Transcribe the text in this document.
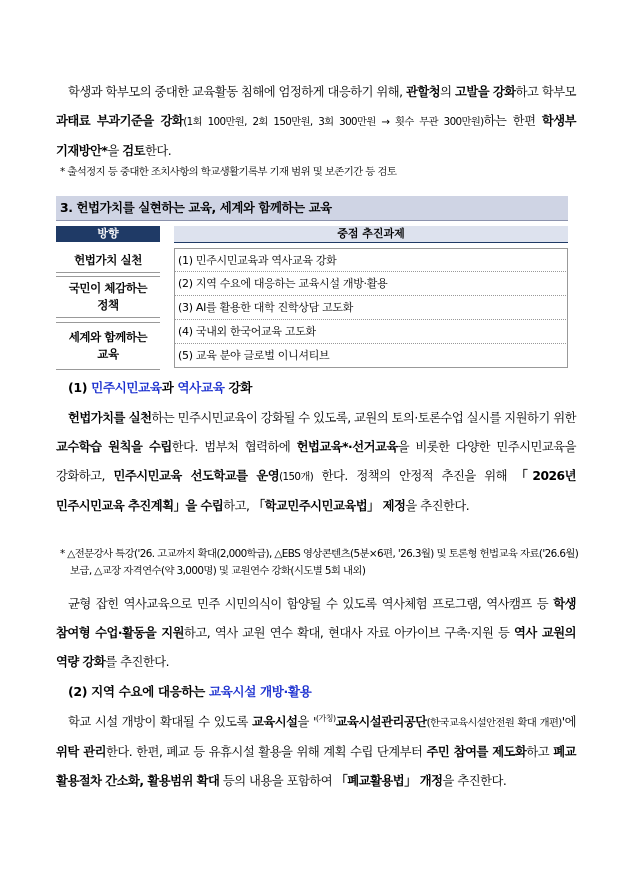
학생과 학부모의 중대한 교육활동 침해에 엄정하게 대응하기 위해, 관할청의 고발을 강화하고 학부모 과태료 부과기준을 강화(1회 100만원, 2회 150만원, 3회 300만원 → 횟수 무관 300만원)하는 한편 학생부 기재방안*을 검토한다.
* 출석정지 등 중대한 조치사항의 학교생활기록부 기재 범위 및 보존기간 등 검토
3. 헌법가치를 실현하는 교육, 세계와 함께하는 교육
방향	중점 추진과제
헌법가치 실천
국민이 체감하는
정책
세계와 함께하는
교육
(1) 민주시민교육과 역사교육 강화
(2) 지역 수요에 대응하는 교육시설 개방·활용
(3) AI를 활용한 대학 진학상담 고도화
(4) 국내외 한국어교육 고도화
(5) 교육 분야 글로벌 이니셔티브
(1) 민주시민교육과 역사교육 강화
헌법가치를 실천하는 민주시민교육이 강화될 수 있도록, 교원의 토의·토론수업 실시를 지원하기 위한 교수학습 원칙을 수립한다. 범부처 협력하에 헌법교육*·선거교육을 비롯한 다양한 민주시민교육을 강화하고, 민주시민교육 선도학교를 운영(150개) 한다. 정책의 안정적 추진을 위해 「2026년 민주시민교육 추진계획」을 수립하고, 「학교민주시민교육법」 제정을 추진한다.
* △전문강사 특강('26. 고교까지 확대(2,000학급), △EBS 영상콘텐츠(5분×6편, '26.3월) 및 토론형 헌법교육 자료('26.6월) 보급, △교장 자격연수(약 3,000명) 및 교원연수 강화(시도별 5회 내외)
균형 잡힌 역사교육으로 민주 시민의식이 함양될 수 있도록 역사체험 프로그램, 역사캠프 등 학생 참여형 수업·활동을 지원하고, 역사 교원 연수 확대, 현대사 자료 아카이브 구축·지원 등 역사 교원의 역량 강화를 추진한다.
(2) 지역 수요에 대응하는 교육시설 개방·활용
학교 시설 개방이 확대될 수 있도록 교육시설을 '$^{(가칭)}$교육시설관리공단(한국교육시설안전원 확대 개편)'에 위탁 관리한다. 한편, 폐교 등 유휴시설 활용을 위해 계획 수립 단계부터 주민 참여를 제도화하고 폐교 활용절차 간소화, 활용범위 확대 등의 내용을 포함하여 「폐교활용법」 개정을 추진한다.
